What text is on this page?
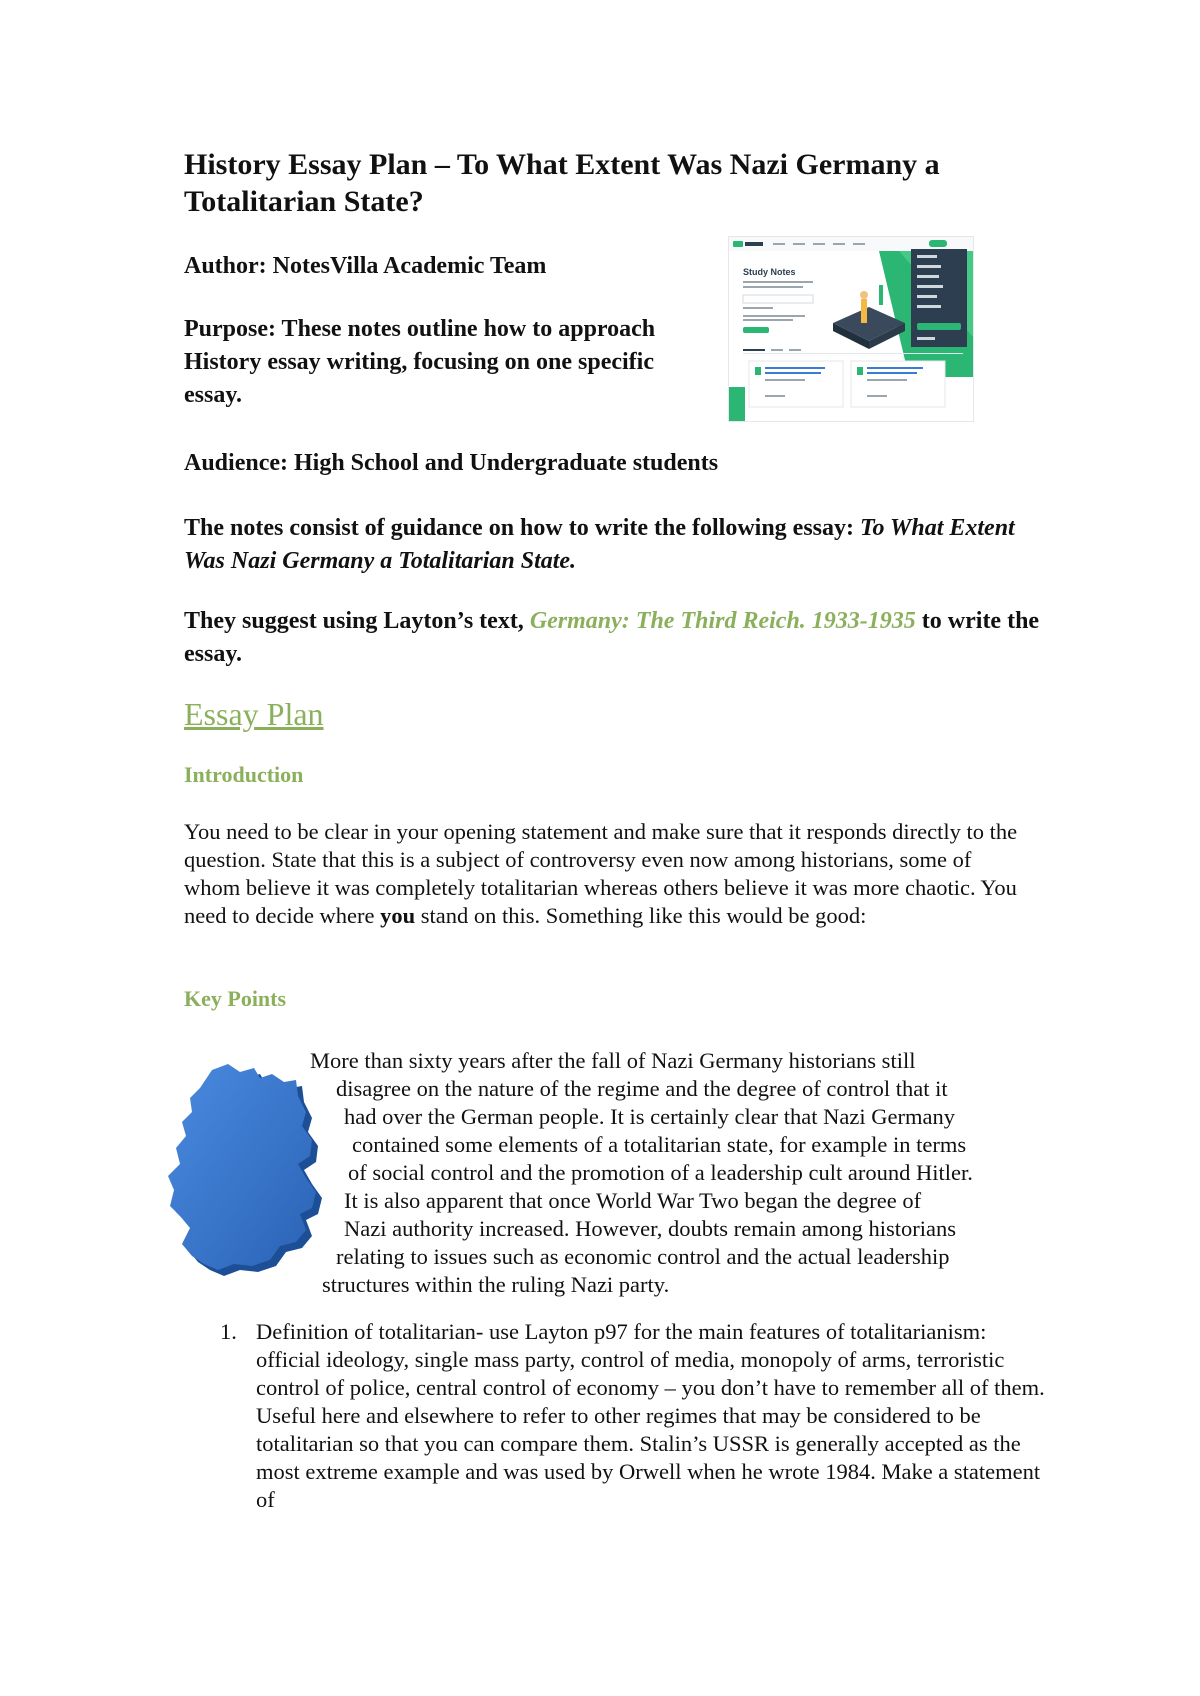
History Essay Plan – To What Extent Was Nazi Germany a Totalitarian State?

Author: NotesVilla Academic Team

Purpose: These notes outline how to approach History essay writing, focusing on one specific essay.

Study Notes

Audience: High School and Undergraduate students

The notes consist of guidance on how to write the following essay: To What Extent Was Nazi Germany a Totalitarian State.

They suggest using Layton’s text, Germany: The Third Reich. 1933-1935 to write the essay.

Essay Plan
Introduction

You need to be clear in your opening statement and make sure that it responds directly to the question. State that this is a subject of controversy even now among historians, some of whom believe it was completely totalitarian whereas others believe it was more chaotic. You need to decide where you stand on this. Something like this would be good:

Key Points
More than sixty years after the fall of Nazi Germany historians still
disagree on the nature of the regime and the degree of control that it
had over the German people. It is certainly clear that Nazi Germany
contained some elements of a totalitarian state, for example in terms
of social control and the promotion of a leadership cult around Hitler.
It is also apparent that once World War Two began the degree of
Nazi authority increased. However, doubts remain among historians
relating to issues such as economic control and the actual leadership
structures within the ruling Nazi party.
1. Definition of totalitarian- use Layton p97 for the main features of totalitarianism: official ideology, single mass party, control of media, monopoly of arms, terroristic control of police, central control of economy – you don’t have to remember all of them. Useful here and elsewhere to refer to other regimes that may be considered to be totalitarian so that you can compare them. Stalin’s USSR is generally accepted as the most extreme example and was used by Orwell when he wrote 1984. Make a statement of
